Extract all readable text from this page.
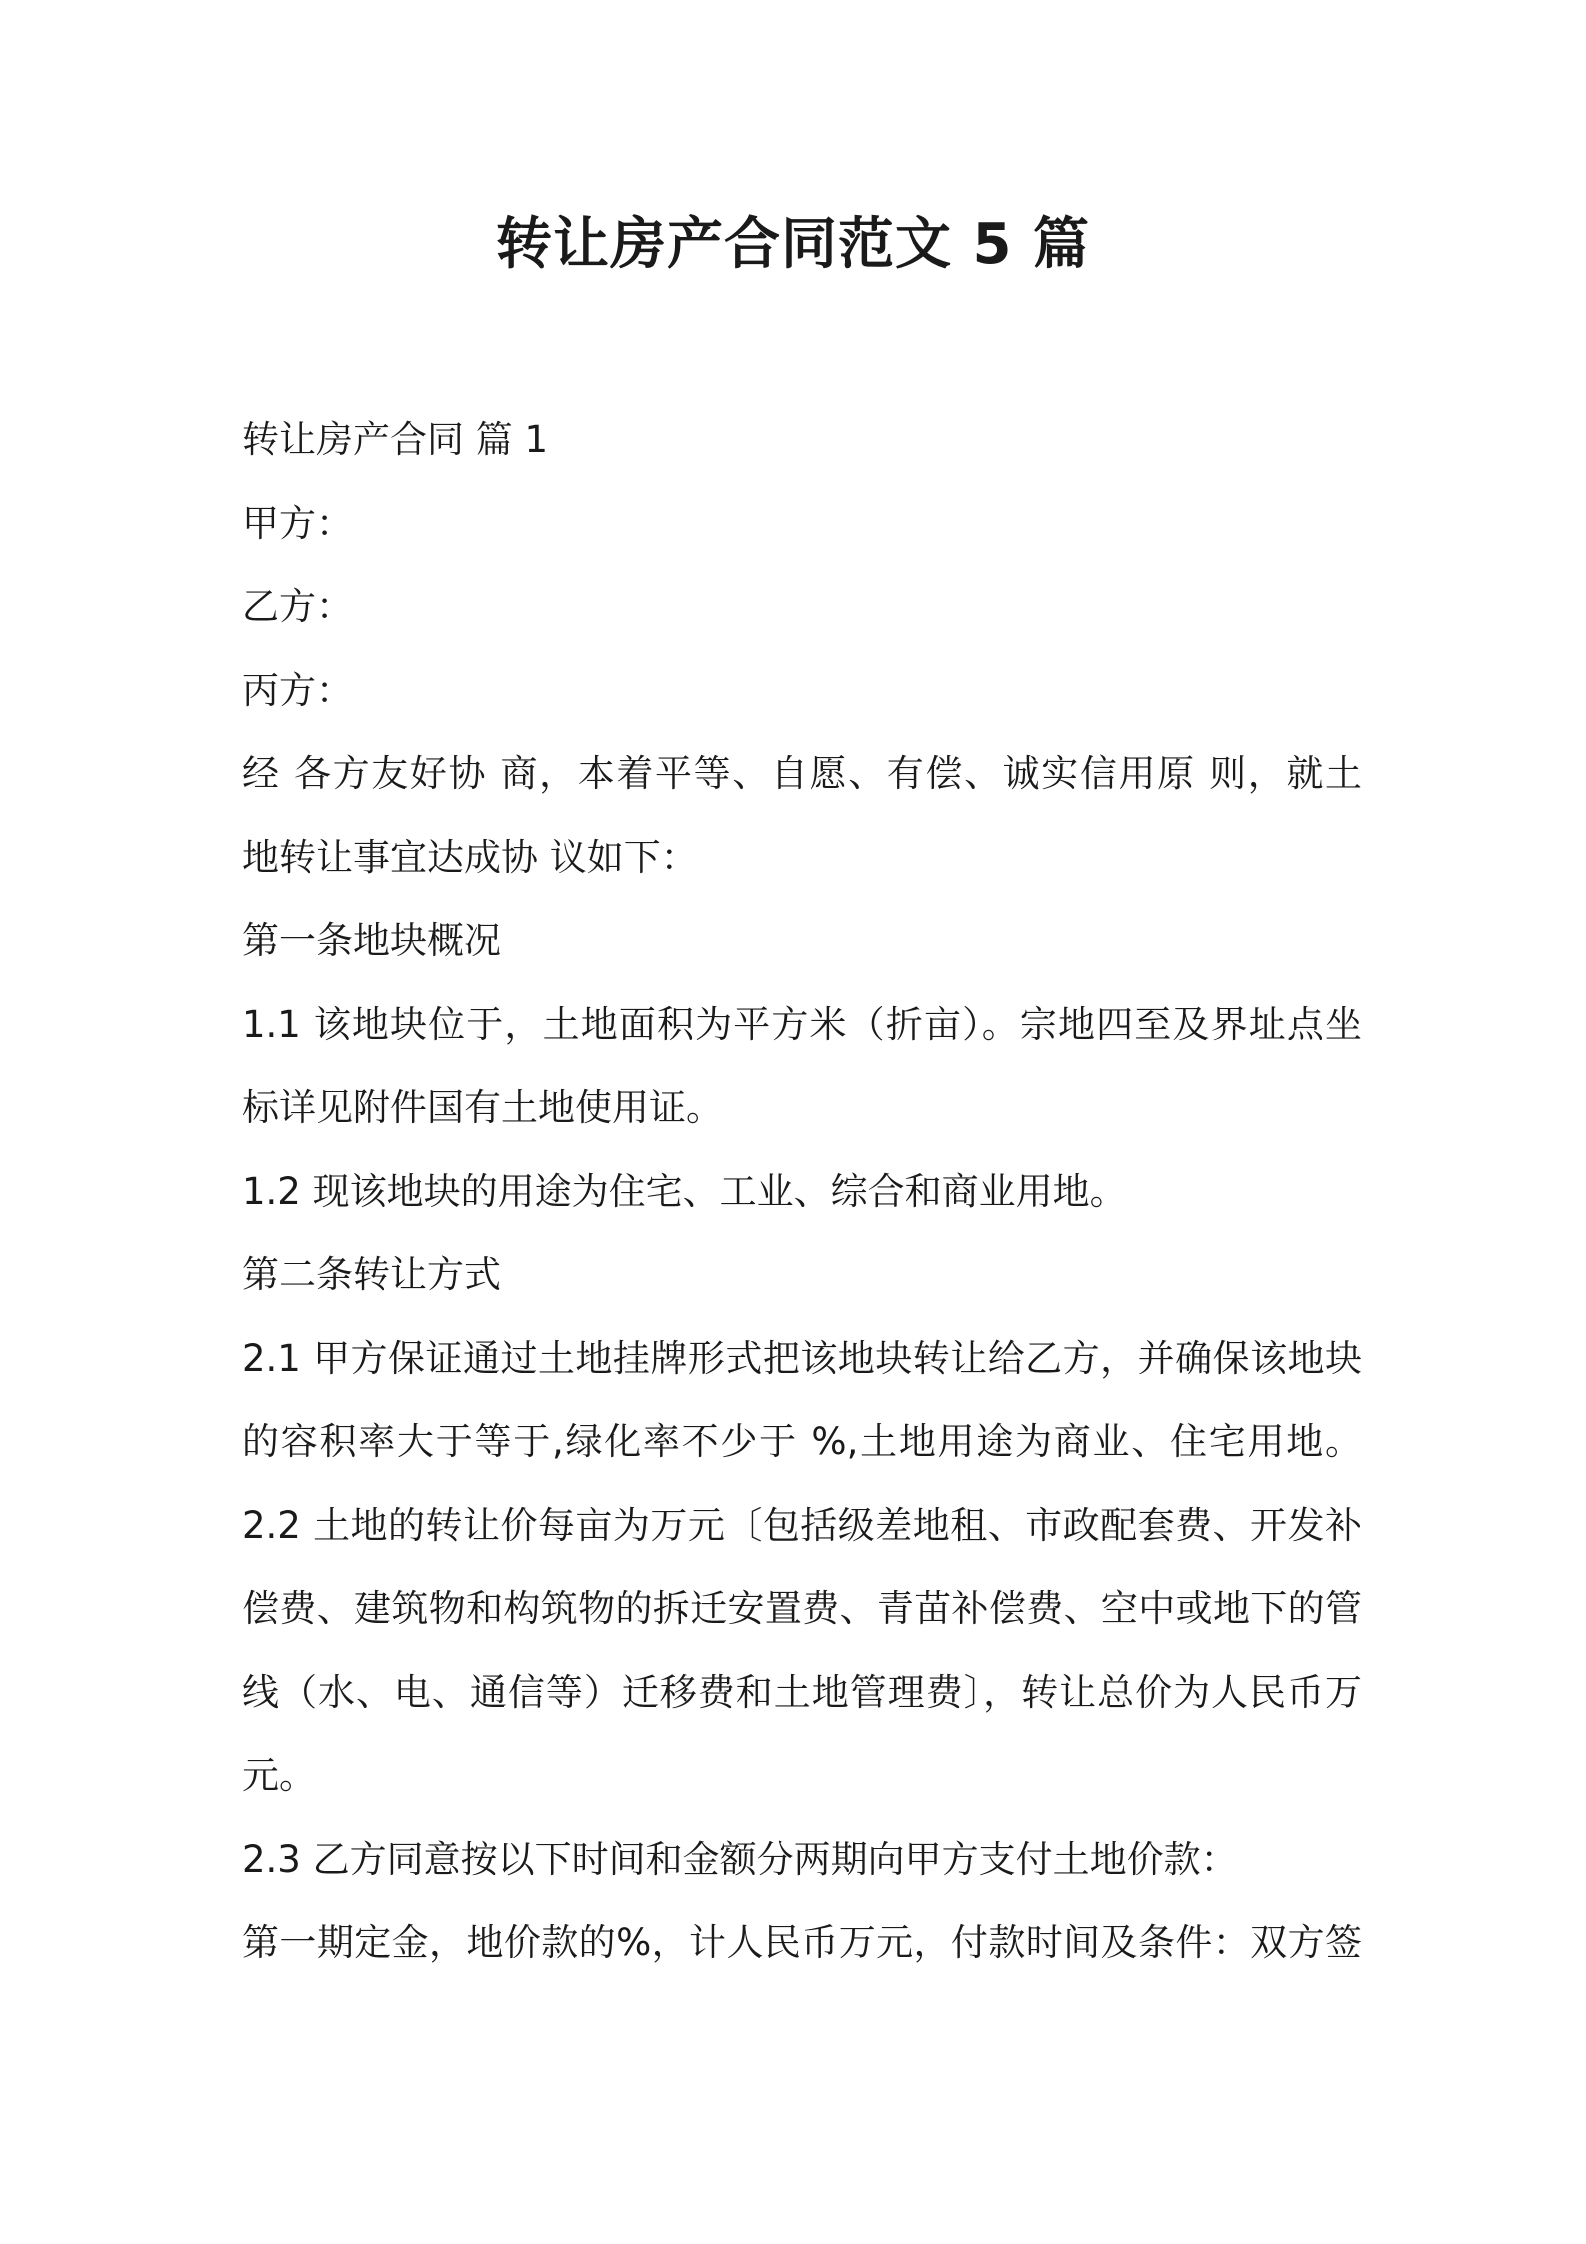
转让房产合同范文 5 篇
转让房产合同 篇 1
甲方：
乙方：
丙方：
经 各方友好协 商，本着平等、自愿、有偿、诚实信用原 则，就土
地转让事宜达成协 议如下：
第一条地块概况
1.1 该地块位于，土地面积为平方米（折亩）。宗地四至及界址点坐
标详见附件国有土地使用证。
1.2 现该地块的用途为住宅、工业、综合和商业用地。
第二条转让方式
2.1 甲方保证通过土地挂牌形式把该地块转让给乙方，并确保该地块
的容积率大于等于,绿化率不少于 %,土地用途为商业、住宅用地。
2.2 土地的转让价每亩为万元〔包括级差地租、市政配套费、开发补
偿费、建筑物和构筑物的拆迁安置费、青苗补偿费、空中或地下的管
线（水、电、通信等）迁移费和土地管理费〕，转让总价为人民币万
元。
2.3 乙方同意按以下时间和金额分两期向甲方支付土地价款：
第一期定金，地价款的%，计人民币万元，付款时间及条件：双方签
